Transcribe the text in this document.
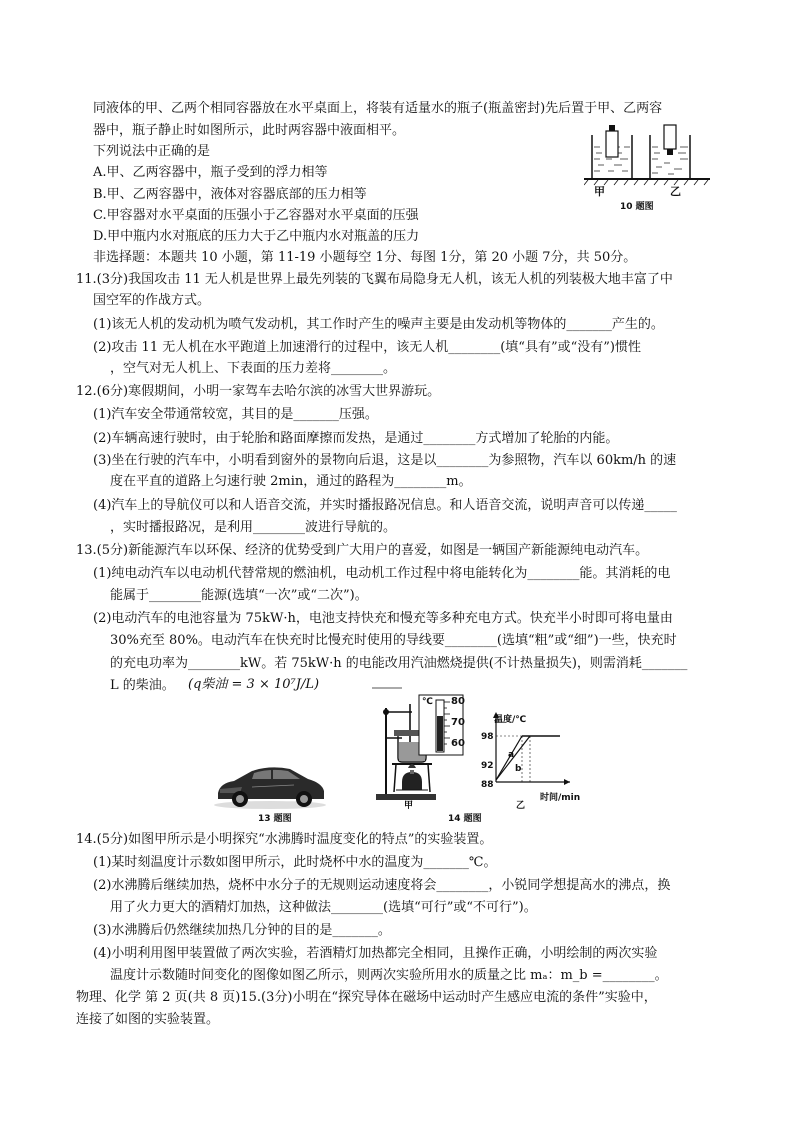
同液体的甲、乙两个相同容器放在水平桌面上，将装有适量水的瓶子(瓶盖密封)先后置于甲、乙两容
器中，瓶子静止时如图所示，此时两容器中液面相平。
下列说法中正确的是
A.甲、乙两容器中，瓶子受到的浮力相等
B.甲、乙两容器中，液体对容器底部的压力相等
C.甲容器对水平桌面的压强小于乙容器对水平桌面的压强
D.甲中瓶内水对瓶底的压力大于乙中瓶内水对瓶盖的压力
甲	乙
10 题图
非选择题：本题共 10 小题，第 11-19 小题每空 1分、每图 1分，第 20 小题 7分，共 50分。
11.(3分)我国攻击 11 无人机是世界上最先列装的飞翼布局隐身无人机，该无人机的列装极大地丰富了中
国空军的作战方式。
(1)该无人机的发动机为喷气发动机，其工作时产生的噪声主要是由发动机等物体的_______产生的。
(2)攻击 11 无人机在水平跑道上加速滑行的过程中，该无人机________(填“具有”或“没有”)惯性
，空气对无人机上、下表面的压力差将________。
12.(6分)寒假期间，小明一家驾车去哈尔滨的冰雪大世界游玩。
(1)汽车安全带通常较宽，其目的是_______压强。
(2)车辆高速行驶时，由于轮胎和路面摩擦而发热，是通过________方式增加了轮胎的内能。
(3)坐在行驶的汽车中，小明看到窗外的景物向后退，这是以________为参照物，汽车以 60km/h 的速
度在平直的道路上匀速行驶 2min，通过的路程为________m。
(4)汽车上的导航仪可以和人语音交流，并实时播报路况信息。和人语音交流，说明声音可以传递_____
，实时播报路况，是利用________波进行导航的。
13.(5分)新能源汽车以环保、经济的优势受到广大用户的喜爱，如图是一辆国产新能源纯电动汽车。
(1)纯电动汽车以电动机代替常规的燃油机，电动机工作过程中将电能转化为________能。其消耗的电
能属于________能源(选填“一次”或“二次”)。
(2)电动汽车的电池容量为 75kW·h，电池支持快充和慢充等多种充电方式。快充半小时即可将电量由
30%充至 80%。电动汽车在快充时比慢充时使用的导线要________(选填“粗”或“细”)一些，快充时
的充电功率为________kW。若 75kW·h 的电能改用汽油燃烧提供(不计热量损失)，则需消耗_______
L 的柴油。 (q柴油 = 3 × 10⁷J/L)
13 题图
℃ 80
70
60
甲
温度/℃
98
92
88
a
b
时间/min
乙
14 题图
14.(5分)如图甲所示是小明探究“水沸腾时温度变化的特点”的实验装置。
(1)某时刻温度计示数如图甲所示，此时烧杯中水的温度为_______℃。
(2)水沸腾后继续加热，烧杯中水分子的无规则运动速度将会________，小锐同学想提高水的沸点，换
用了火力更大的酒精灯加热，这种做法________(选填“可行”或“不可行”)。
(3)水沸腾后仍然继续加热几分钟的目的是_______。
(4)小明利用图甲装置做了两次实验，若酒精灯加热都完全相同，且操作正确，小明绘制的两次实验
温度计示数随时间变化的图像如图乙所示，则两次实验所用水的质量之比 mₐ：m_b =________。
物理、化学 第 2 页(共 8 页)15.(3分)小明在“探究导体在磁场中运动时产生感应电流的条件”实验中，
连接了如图的实验装置。
